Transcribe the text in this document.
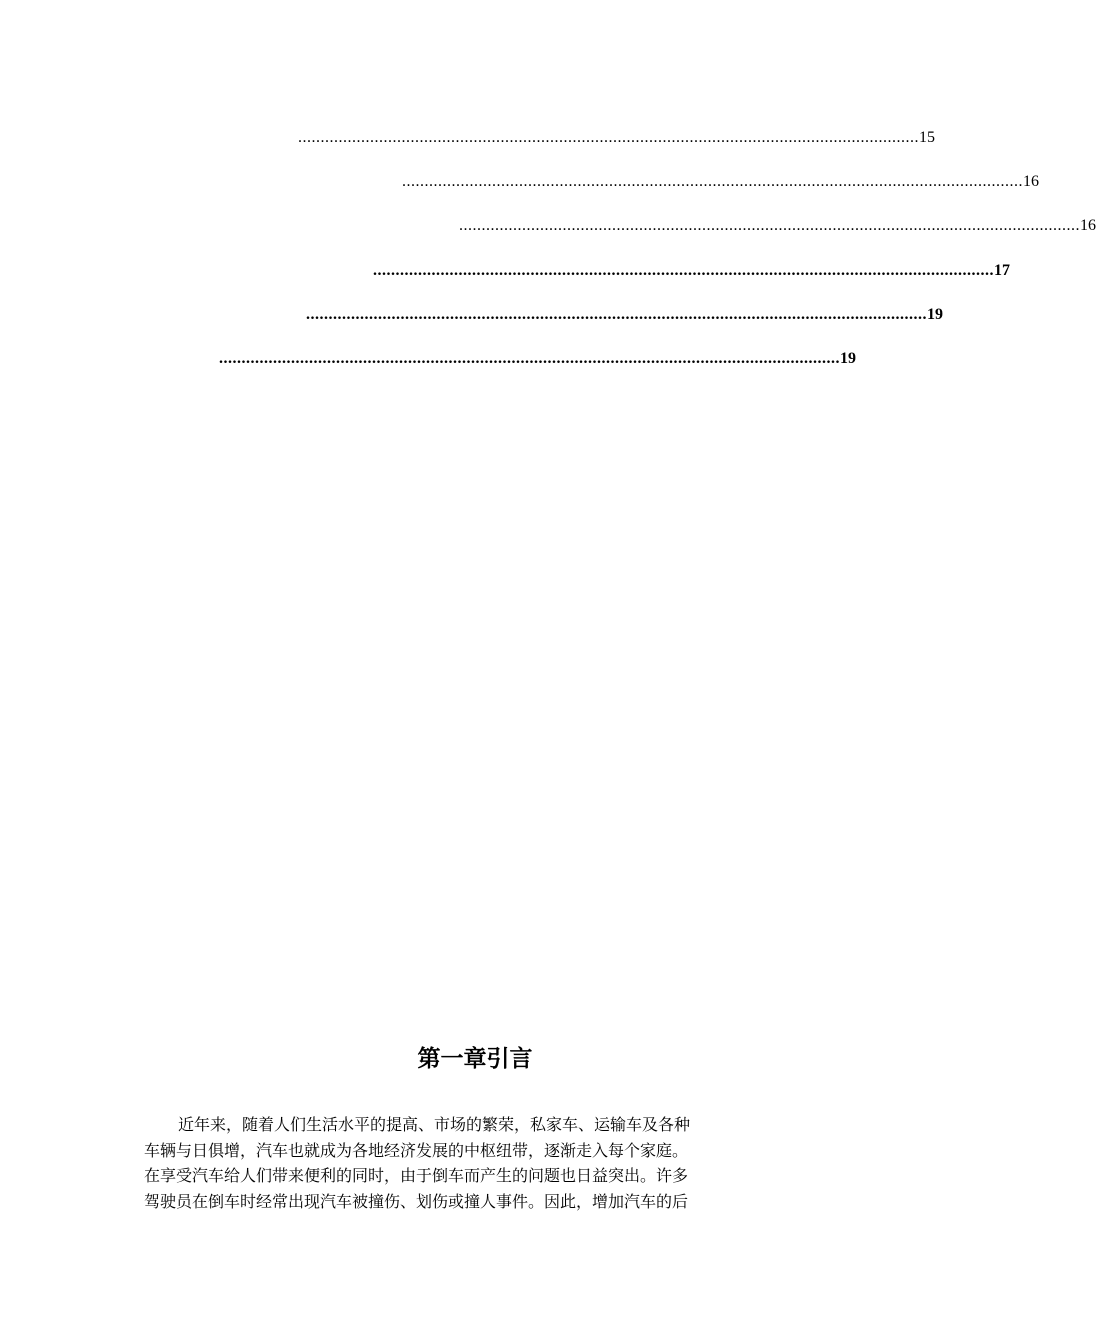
.......................................................................................................................................... 15
.......................................................................................................................................... 16
.......................................................................................................................................... 16
.......................................................................................................................................... 17
.......................................................................................................................................... 19
.......................................................................................................................................... 19
第一章引言
近年来，随着人们生活水平的提高、市场的繁荣，私家车、运输车及各种
车辆与日俱增，汽车也就成为各地经济发展的中枢纽带，逐渐走入每个家庭。
在享受汽车给人们带来便利的同时，由于倒车而产生的问题也日益突出。许多
驾驶员在倒车时经常出现汽车被撞伤、划伤或撞人事件。因此，增加汽车的后
